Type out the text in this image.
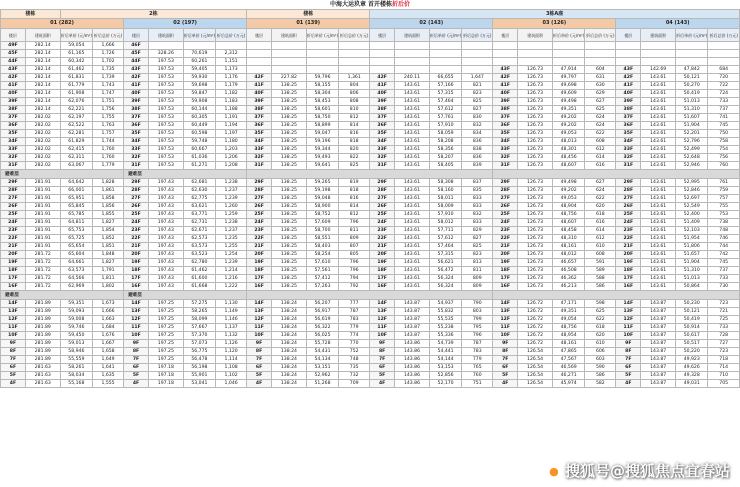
中海大运玖章 首开楼栋折后价																							
楼栋		2栋						楼栋				3栋A座											
01 (282)				02 (197)				01 (139)				02 (143)				03 (126)				04 (143)			
楼层	建筑面积	折后单价 (元/m²)	折后总价 (万元)	楼层	建筑面积	折后单价 (元/m²)	折后总价 (万元)	楼层	建筑面积	折后单价 (元/m²)	折后总价 (万元)	楼层	建筑面积	折后单价 (元/m²)	折后总价 (万元)	楼层	建筑面积	折后单价 (元/m²)	折后总价 (万元)	楼层	建筑面积	折后单价 (元/m²)	折后总价 (万元)
49F	282.14	59,054	1,666	46F																			
45F	282.14	61,165	1,726	45F	328.26	70,619	2,312																
44F	282.14	60,342	1,702	44F	197.53	60,261	1,151																
43F	282.14	61,462	1,735	43F	197.53	59,405	1,173									43F	126.73	47,914	604	43F	142.69	47,842	684
42F	282.14	61,831	1,739	42F	197.53	59,930	1,176	42F	227.82	59,796	1,361	42F	240.11	66,655	1,647	42F	126.73	49,797	631	42F	143.61	50,121	720
41F	282.14	61,779	1,743	41F	197.53	59,698	1,179	41F	138.25	58,155	804	41F	143.61	57,166	821	41F	126.73	49,698	630	41F	143.61	50,270	722
40F	282.14	61,908	1,747	40F	197.53	59,847	1,182	40F	138.25	58,304	806	40F	143.61	57,315	823	40F	126.73	49,609	629	40F	143.61	50,419	724
39F	282.14	62,076	1,751	39F	197.53	59,908	1,183	39F	138.25	58,453	808	39F	143.61	57,464	825	39F	126.73	49,498	627	39F	143.61	51,013	733
38F	282.14	62,221	1,756	38F	197.53	60,144	1,188	38F	138.25	58,601	810	38F	143.61	57,612	827	38F	126.73	49,351	625	38F	143.61	51,310	737
37F	282.02	62,197	1,755	37F	197.53	60,305	1,191	37F	138.25	58,750	812	37F	143.61	57,761	830	37F	126.73	49,202	624	37F	143.61	51,607	741
36F	282.02	62,522	1,763	36F	197.53	60,449	1,194	36F	138.25	58,899	814	36F	143.61	57,910	832	36F	126.73	49,202	624	36F	143.61	51,904	745
35F	282.02	62,281	1,757	35F	197.53	60,598	1,197	35F	138.25	59,047	816	35F	143.61	58,059	834	35F	126.73	49,053	622	35F	143.61	52,201	750
34F	282.02	61,829	1,744	34F	197.53	59,748	1,180	34F	138.25	59,196	818	34F	143.61	58,208	836	34F	126.73	48,013	608	34F	143.61	52,796	758
33F	282.02	62,415	1,760	33F	197.53	60,667	1,203	33F	138.25	59,344	820	33F	143.61	58,356	838	33F	126.73	48,301	612	33F	143.61	52,499	754
32F	282.02	62,311	1,760	32F	197.53	61,036	1,206	32F	138.25	59,493	822	32F	143.61	58,207	836	32F	126.73	48,456	614	32F	143.61	52,648	756
31F	282.02	63,067	1,779	31F	197.53	61,271	1,208	31F	138.25	59,641	825	31F	143.61	58,405	839	31F	126.73	48,607	616	31F	143.61	52,946	760
避难层				避难层																			
29F	281.91	64,642	1,828	29F	197.43	62,681	1,238	29F	138.25	59,265	819	29F	143.61	58,308	837	29F	126.73	49,498	627	29F	143.61	52,995	761
28F	281.91	66,001	1,861	28F	197.43	62,630	1,237	28F	138.25	59,198	818	28F	143.61	58,160	835	28F	126.73	49,202	624	28F	143.61	52,846	759
27F	281.91	65,951	1,858	27F	197.43	62,775	1,239	27F	138.25	59,048	816	27F	143.61	58,011	833	27F	126.73	49,053	622	27F	143.61	52,697	757
26F	281.91	65,845	1,856	26F	197.43	63,621	1,260	26F	138.25	58,900	814	26F	143.61	58,009	833	26F	126.73	48,904	620	26F	143.61	52,549	755
25F	281.91	65,785	1,855	25F	197.43	63,771	1,259	25F	138.25	58,752	812	25F	143.61	57,910	832	25F	126.73	48,756	618	25F	143.61	52,400	753
24F	281.91	64,811	1,827	24F	197.43	62,731	1,238	24F	138.25	57,609	796	24F	143.61	58,012	833	24F	126.73	48,607	616	24F	143.61	51,409	738
23F	281.91	65,753	1,854	23F	197.43	62,671	1,237	23F	138.25	58,700	811	23F	143.61	57,711	829	23F	126.73	48,458	614	23F	143.61	52,103	748
22F	281.91	65,725	1,852	22F	197.43	62,573	1,235	22F	138.25	58,551	809	22F	143.61	57,612	827	22F	126.73	48,310	612	22F	143.61	51,954	746
21F	281.91	65,654	1,851	21F	197.43	63,573	1,255	21F	138.25	58,403	807	21F	143.61	57,464	825	21F	126.73	48,161	610	21F	143.61	51,806	744
20F	281.72	65,604	1,848	20F	197.43	63,523	1,254	20F	138.25	58,254	805	20F	143.61	57,315	823	20F	126.73	48,012	608	20F	143.61	51,657	742
19F	281.72	64,661	1,827	19F	197.43	62,780	1,239	19F	138.25	57,610	796	19F	143.61	56,621	813	19F	126.73	46,657	591	19F	143.61	51,904	745
18F	281.72	63,573	1,791	18F	197.43	61,462	1,214	18F	138.25	57,561	796	18F	143.61	56,472	811	18F	126.73	46,508	589	18F	143.61	51,310	737
17F	281.72	64,566	1,811	17F	197.43	61,600	1,216	17F	138.25	57,412	794	17F	143.61	56,324	809	17F	126.73	46,362	588	17F	143.61	51,013	733
16F	281.72	62,969	1,802	16F	197.43	61,668	1,222	16F	138.25	57,263	792	16F	143.61	56,324	809	16F	126.73	46,213	586	16F	143.61	50,864	730
避难层				避难层																			
14F	281.89	59,351	1,673	14F	197.25	57,275	1,130	14F	138.24	56,207	777	14F	143.87	54,937	790	14F	126.72	47,171	598	14F	143.87	50,230	723
13F	281.89	59,093	1,666	13F	197.25	58,265	1,149	13F	138.24	56,917	787	13F	143.87	55,832	803	13F	126.72	49,351	625	13F	143.87	50,121	721
12F	281.89	59,008	1,663	12F	197.25	58,099	1,146	12F	138.24	56,619	783	12F	143.87	55,535	799	12F	126.72	49,054	622	12F	143.87	50,419	725
11F	281.89	59,746	1,684	11F	197.25	57,667	1,137	11F	138.24	56,322	779	11F	143.87	55,238	795	11F	126.72	48,756	618	11F	143.87	50,914	733
10F	281.89	59,450	1,676	10F	197.25	57,370	1,132	10F	138.24	56,025	774	10F	143.87	55,336	796	10F	126.72	48,954	620	10F	143.87	50,617	728
9F	281.89	59,013	1,667	9F	197.25	57,073	1,126	9F	138.24	55,728	770	9F	143.86	54,739	787	9F	126.72	48,161	610	9F	143.87	50,517	727
8F	281.89	58,946	1,658	8F	197.25	56,775	1,120	8F	138.24	54,431	752	8F	143.86	54,441	783	8F	126.54	47,865	606	8F	143.87	50,220	723
7F	281.89	55,559	1,649	7F	197.25	56,478	1,114	7F	138.24	54,134	748	7F	143.86	54,144	779	7F	126.54	47,567	603	7F	143.87	49,923	718
6F	281.63	58,261	1,641	6F	197.18	56,198	1,108	6F	138.24	53,151	735	6F	143.86	53,153	765	6F	126.54	46,569	590	6F	143.87	49,626	714
5F	281.63	58,034	1,635	5F	197.18	55,901	1,102	5F	138.24	52,962	732	5F	143.86	52,856	760	5F	126.54	46,271	586	5F	143.87	49,328	710
4F	281.63	55,168	1,555	4F	197.18	53,041	1,046	4F	138.24	51,268	709	4F	143.86	52,170	751	4F	126.54	45,974	582	4F	143.87	49,031	705
● 搜狐号@搜狐焦点宜春站
